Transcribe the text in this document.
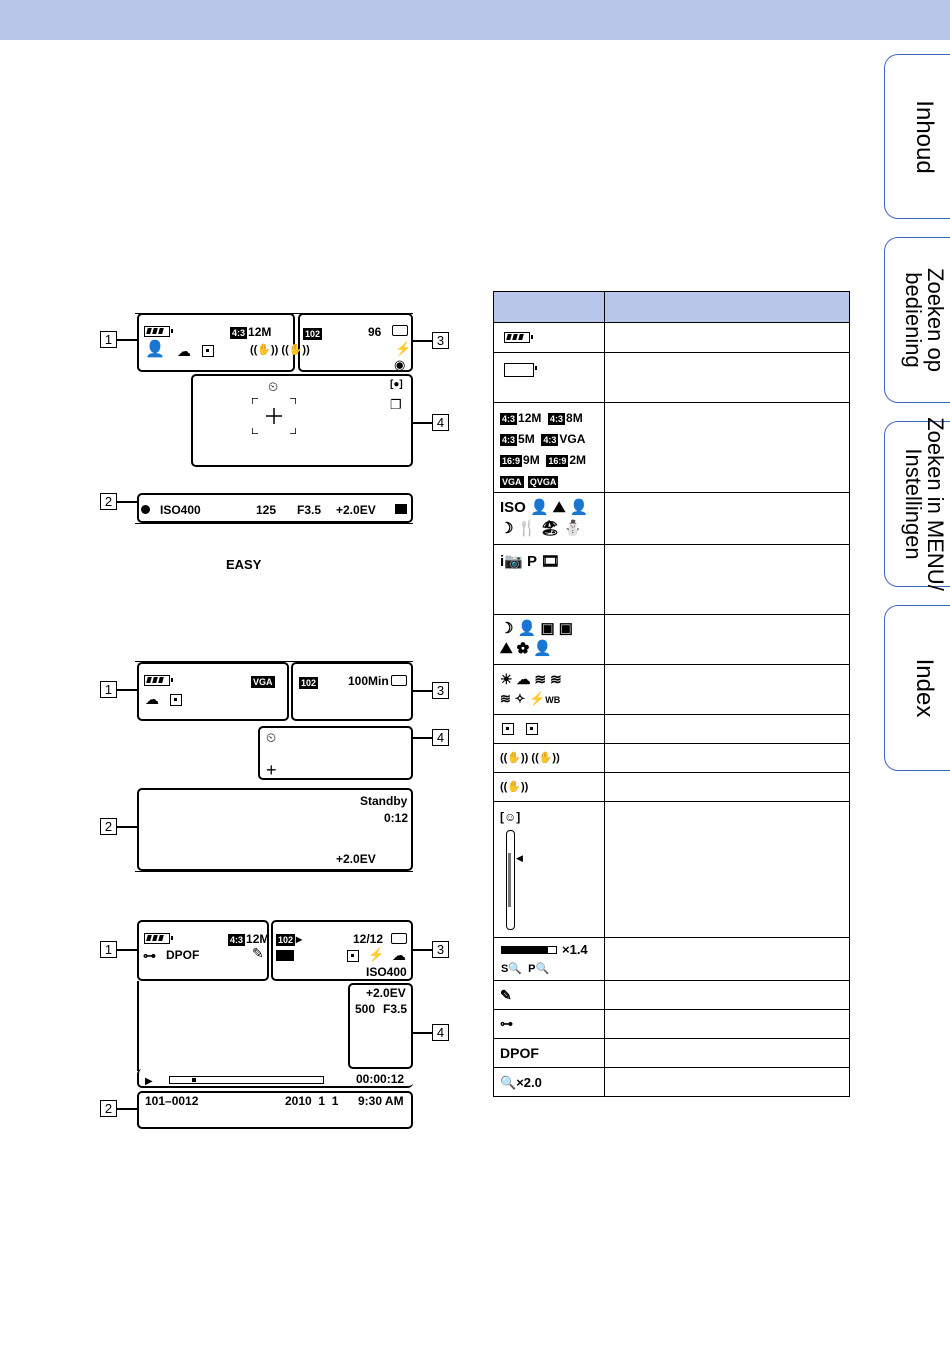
Inhoud
Zoeken op
bediening
Zoeken in MENU/
Instellingen
Index
4:3 12M
👤 ☁	((✋)) ((✋))
102	96
⚡
◉
⏲	[●]
❐
ISO400	125 F3.5 +2.0EV
1
2
3
4
EASY
VGA
☁
102	100Min
⏲
+
Standby
0:12
+2.0EV
1
2
3
4
4:3 12M
⊶ DPOF	✎
102 ▸	12/12
⚡ ☁
ISO400
+2.0EV
500 F3.5
▶	00:00:12
101–0012	2010  1  1 9:30 AM
1
2
3
4
4:3 12M 4:3 8M
4:3 5M 4:3 VGA
16:9 9M 16:9 2M
VGA QVGA
ISO 👤 ⛰ 👤
☽ 🍴 🏖 ⛄
i📷 P 🎞
☽ 👤 ▣ ▣
⛰ ✿ 👤
☀ ☁ ≋ ≋
≋ ✧ ⚡WB
((✋)) ((✋))
((✋))
[☺]
◀
×1.4
S🔍  P🔍
✎
⊶
DPOF
🔍×2.0
